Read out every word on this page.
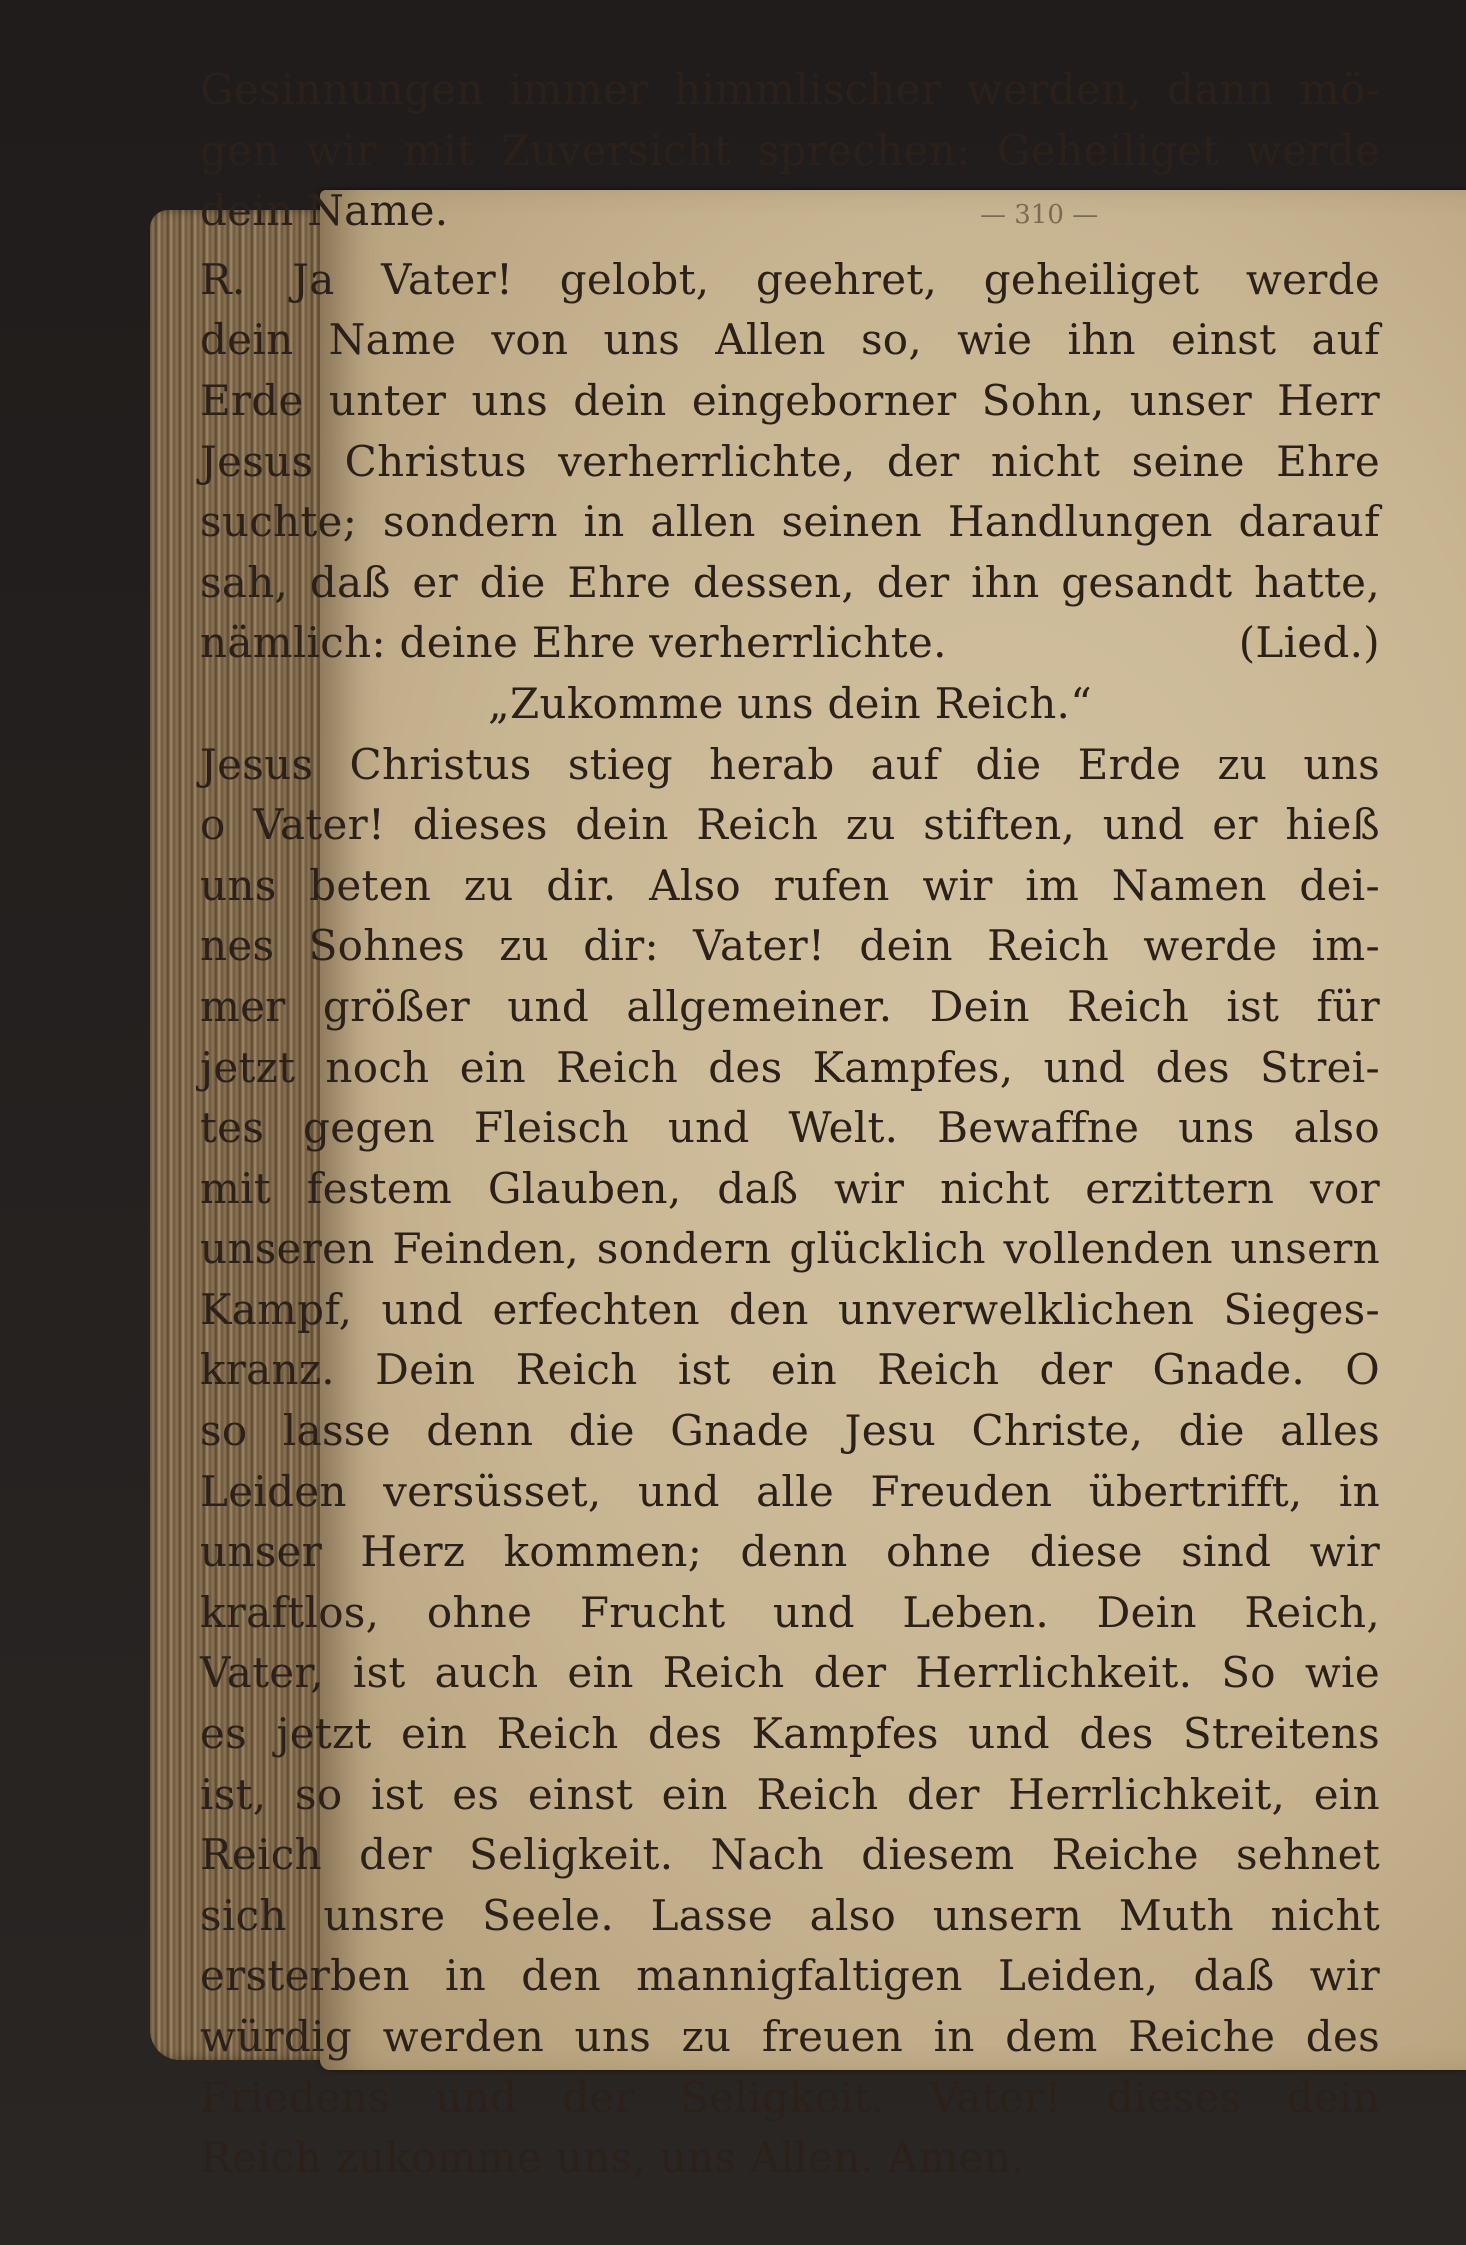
— 310 —
Gesinnungen immer himmlischer werden, dann mö-
gen wir mit Zuversicht sprechen: Geheiliget werde
dein Name.
R. Ja Vater! gelobt, geehret, geheiliget werde
dein Name von uns Allen so, wie ihn einst auf
Erde unter uns dein eingeborner Sohn, unser Herr
Jesus Christus verherrlichte, der nicht seine Ehre
suchte; sondern in allen seinen Handlungen darauf
sah, daß er die Ehre dessen, der ihn gesandt hatte,
nämlich: deine Ehre verherrlichte.	(Lied.)
„Zukomme uns dein Reich.“
Jesus Christus stieg herab auf die Erde zu uns
o Vater! dieses dein Reich zu stiften, und er hieß
uns beten zu dir. Also rufen wir im Namen dei-
nes Sohnes zu dir: Vater! dein Reich werde im-
mer größer und allgemeiner. Dein Reich ist für
jetzt noch ein Reich des Kampfes, und des Strei-
tes gegen Fleisch und Welt. Bewaffne uns also
mit festem Glauben, daß wir nicht erzittern vor
unseren Feinden, sondern glücklich vollenden unsern
Kampf, und erfechten den unverwelklichen Sieges-
kranz. Dein Reich ist ein Reich der Gnade. O
so lasse denn die Gnade Jesu Christe, die alles
Leiden versüsset, und alle Freuden übertrifft, in
unser Herz kommen; denn ohne diese sind wir
kraftlos, ohne Frucht und Leben. Dein Reich,
Vater, ist auch ein Reich der Herrlichkeit. So wie
es jetzt ein Reich des Kampfes und des Streitens
ist, so ist es einst ein Reich der Herrlichkeit, ein
Reich der Seligkeit. Nach diesem Reiche sehnet
sich unsre Seele. Lasse also unsern Muth nicht
ersterben in den mannigfaltigen Leiden, daß wir
würdig werden uns zu freuen in dem Reiche des
Friedens und der Seligkeit. Vater! dieses dein
Reich zukomme uns, uns Allen. Amen.
